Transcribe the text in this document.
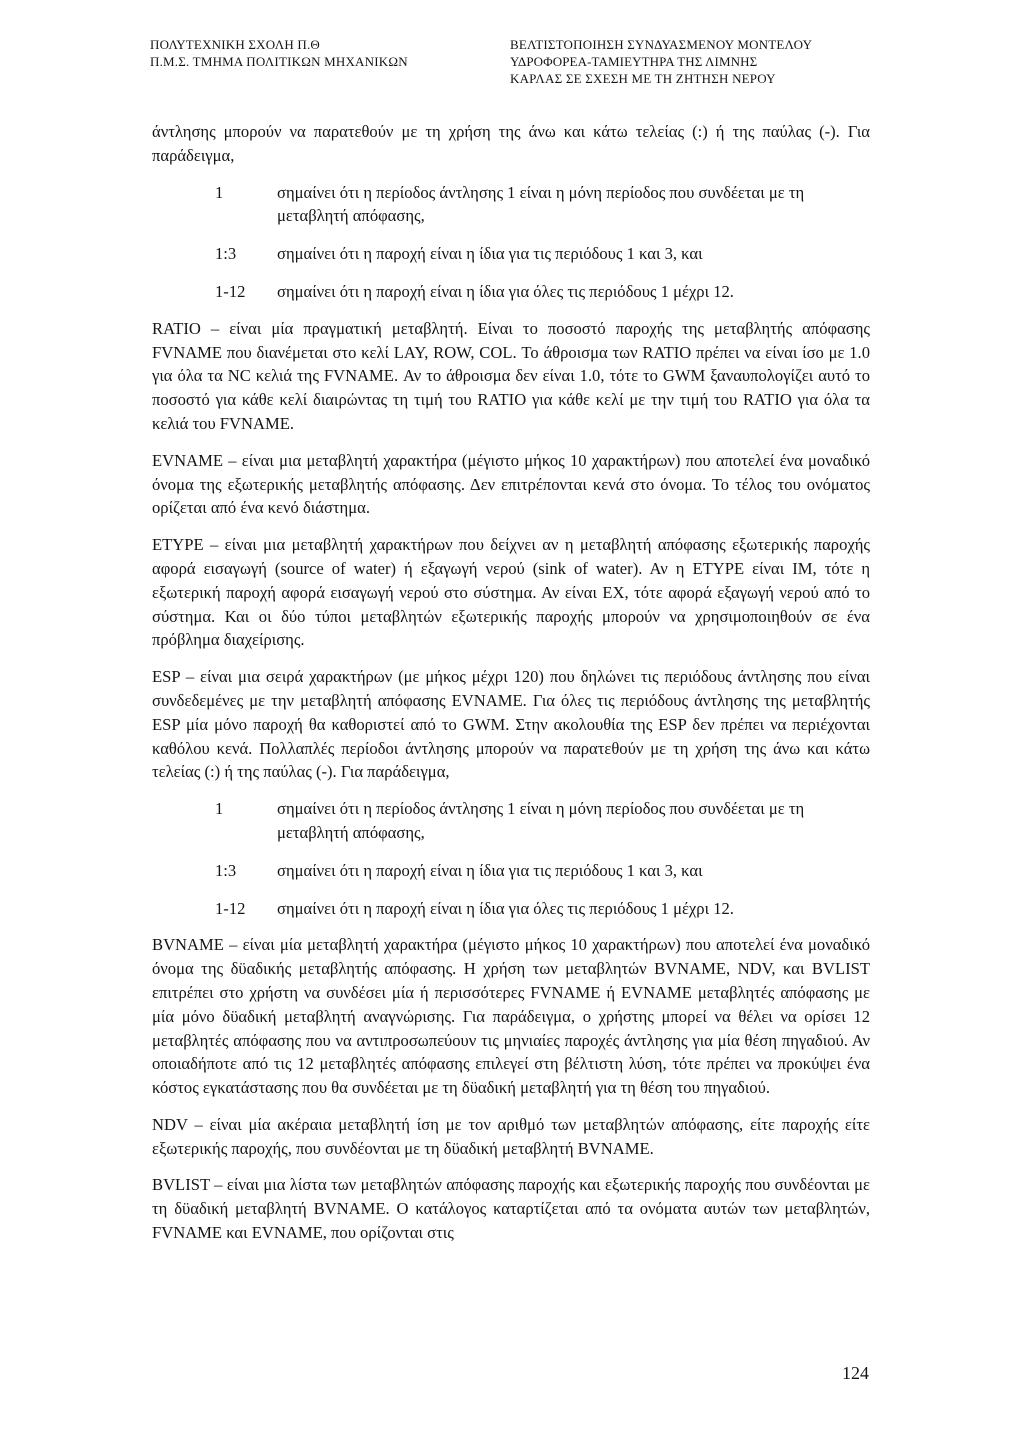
ΠΟΛΥΤΕΧΝΙΚΗ ΣΧΟΛΗ Π.Θ
Π.Μ.Σ. ΤΜΗΜΑ ΠΟΛΙΤΙΚΩΝ ΜΗΧΑΝΙΚΩΝ
ΒΕΛΤΙΣΤΟΠΟΙΗΣΗ ΣΥΝΔΥΑΣΜΕΝΟΥ ΜΟΝΤΕΛΟΥ
ΥΔΡΟΦΟΡΕΑ-ΤΑΜΙΕΥΤΗΡΑ ΤΗΣ ΛΙΜΝΗΣ
ΚΑΡΛΑΣ ΣΕ ΣΧΕΣΗ ΜΕ ΤΗ ΖΗΤΗΣΗ ΝΕΡΟΥ

άντλησης μπορούν να παρατεθούν με τη χρήση της άνω και κάτω τελείας (:) ή της παύλας (-). Για παράδειγμα,

1	σημαίνει ότι η περίοδος άντλησης 1 είναι η μόνη περίοδος που συνδέεται με τη μεταβλητή απόφασης,
1:3	σημαίνει ότι η παροχή είναι η ίδια για τις περιόδους 1 και 3, και
1-12	σημαίνει ότι η παροχή είναι η ίδια για όλες τις περιόδους 1 μέχρι 12.

RATIO – είναι μία πραγματική μεταβλητή. Είναι το ποσοστό παροχής της μεταβλητής απόφασης FVNAME που διανέμεται στο κελί LAY, ROW, COL. Το άθροισμα των RATIO πρέπει να είναι ίσο με 1.0 για όλα τα NC κελιά της FVNAME. Αν το άθροισμα δεν είναι 1.0, τότε το GWM ξαναυπολογίζει αυτό το ποσοστό για κάθε κελί διαιρώντας τη τιμή του RATIO για κάθε κελί με την τιμή του RATIO για όλα τα κελιά του FVNAME.

EVNAME – είναι μια μεταβλητή χαρακτήρα (μέγιστο μήκος 10 χαρακτήρων) που αποτελεί ένα μοναδικό όνομα της εξωτερικής μεταβλητής απόφασης. Δεν επιτρέπονται κενά στο όνομα. Το τέλος του ονόματος ορίζεται από ένα κενό διάστημα.

ETYPE – είναι μια μεταβλητή χαρακτήρων που δείχνει αν η μεταβλητή απόφασης εξωτερικής παροχής αφορά εισαγωγή (source of water) ή εξαγωγή νερού (sink of water). Αν η ETYPE είναι IM, τότε η εξωτερική παροχή αφορά εισαγωγή νερού στο σύστημα. Αν είναι EX, τότε αφορά εξαγωγή νερού από το σύστημα. Και οι δύο τύποι μεταβλητών εξωτερικής παροχής μπορούν να χρησιμοποιηθούν σε ένα πρόβλημα διαχείρισης.

ESP – είναι μια σειρά χαρακτήρων (με μήκος μέχρι 120) που δηλώνει τις περιόδους άντλησης που είναι συνδεδεμένες με την μεταβλητή απόφασης EVNAME. Για όλες τις περιόδους άντλησης της μεταβλητής ESP μία μόνο παροχή θα καθοριστεί από το GWM. Στην ακολουθία της ESP δεν πρέπει να περιέχονται καθόλου κενά. Πολλαπλές περίοδοι άντλησης μπορούν να παρατεθούν με τη χρήση της άνω και κάτω τελείας (:) ή της παύλας (-). Για παράδειγμα,

1	σημαίνει ότι η περίοδος άντλησης 1 είναι η μόνη περίοδος που συνδέεται με τη μεταβλητή απόφασης,
1:3	σημαίνει ότι η παροχή είναι η ίδια για τις περιόδους 1 και 3, και
1-12	σημαίνει ότι η παροχή είναι η ίδια για όλες τις περιόδους 1 μέχρι 12.

BVNAME – είναι μία μεταβλητή χαρακτήρα (μέγιστο μήκος 10 χαρακτήρων) που αποτελεί ένα μοναδικό όνομα της δϋαδικής μεταβλητής απόφασης. Η χρήση των μεταβλητών BVNAME, NDV, και BVLIST επιτρέπει στο χρήστη να συνδέσει μία ή περισσότερες FVNAME ή EVNAME μεταβλητές απόφασης με μία μόνο δϋαδική μεταβλητή αναγνώρισης. Για παράδειγμα, ο χρήστης μπορεί να θέλει να ορίσει 12 μεταβλητές απόφασης που να αντιπροσωπεύουν τις μηνιαίες παροχές άντλησης για μία θέση πηγαδιού. Αν οποιαδήποτε από τις 12 μεταβλητές απόφασης επιλεγεί στη βέλτιστη λύση, τότε πρέπει να προκύψει ένα κόστος εγκατάστασης που θα συνδέεται με τη δϋαδική μεταβλητή για τη θέση του πηγαδιού.

NDV – είναι μία ακέραια μεταβλητή ίση με τον αριθμό των μεταβλητών απόφασης, είτε παροχής είτε εξωτερικής παροχής, που συνδέονται με τη δϋαδική μεταβλητή BVNAME.

BVLIST – είναι μια λίστα των μεταβλητών απόφασης παροχής και εξωτερικής παροχής που συνδέονται με τη δϋαδική μεταβλητή BVNAME. Ο κατάλογος καταρτίζεται από τα ονόματα αυτών των μεταβλητών, FVNAME και EVNAME, που ορίζονται στις

124
